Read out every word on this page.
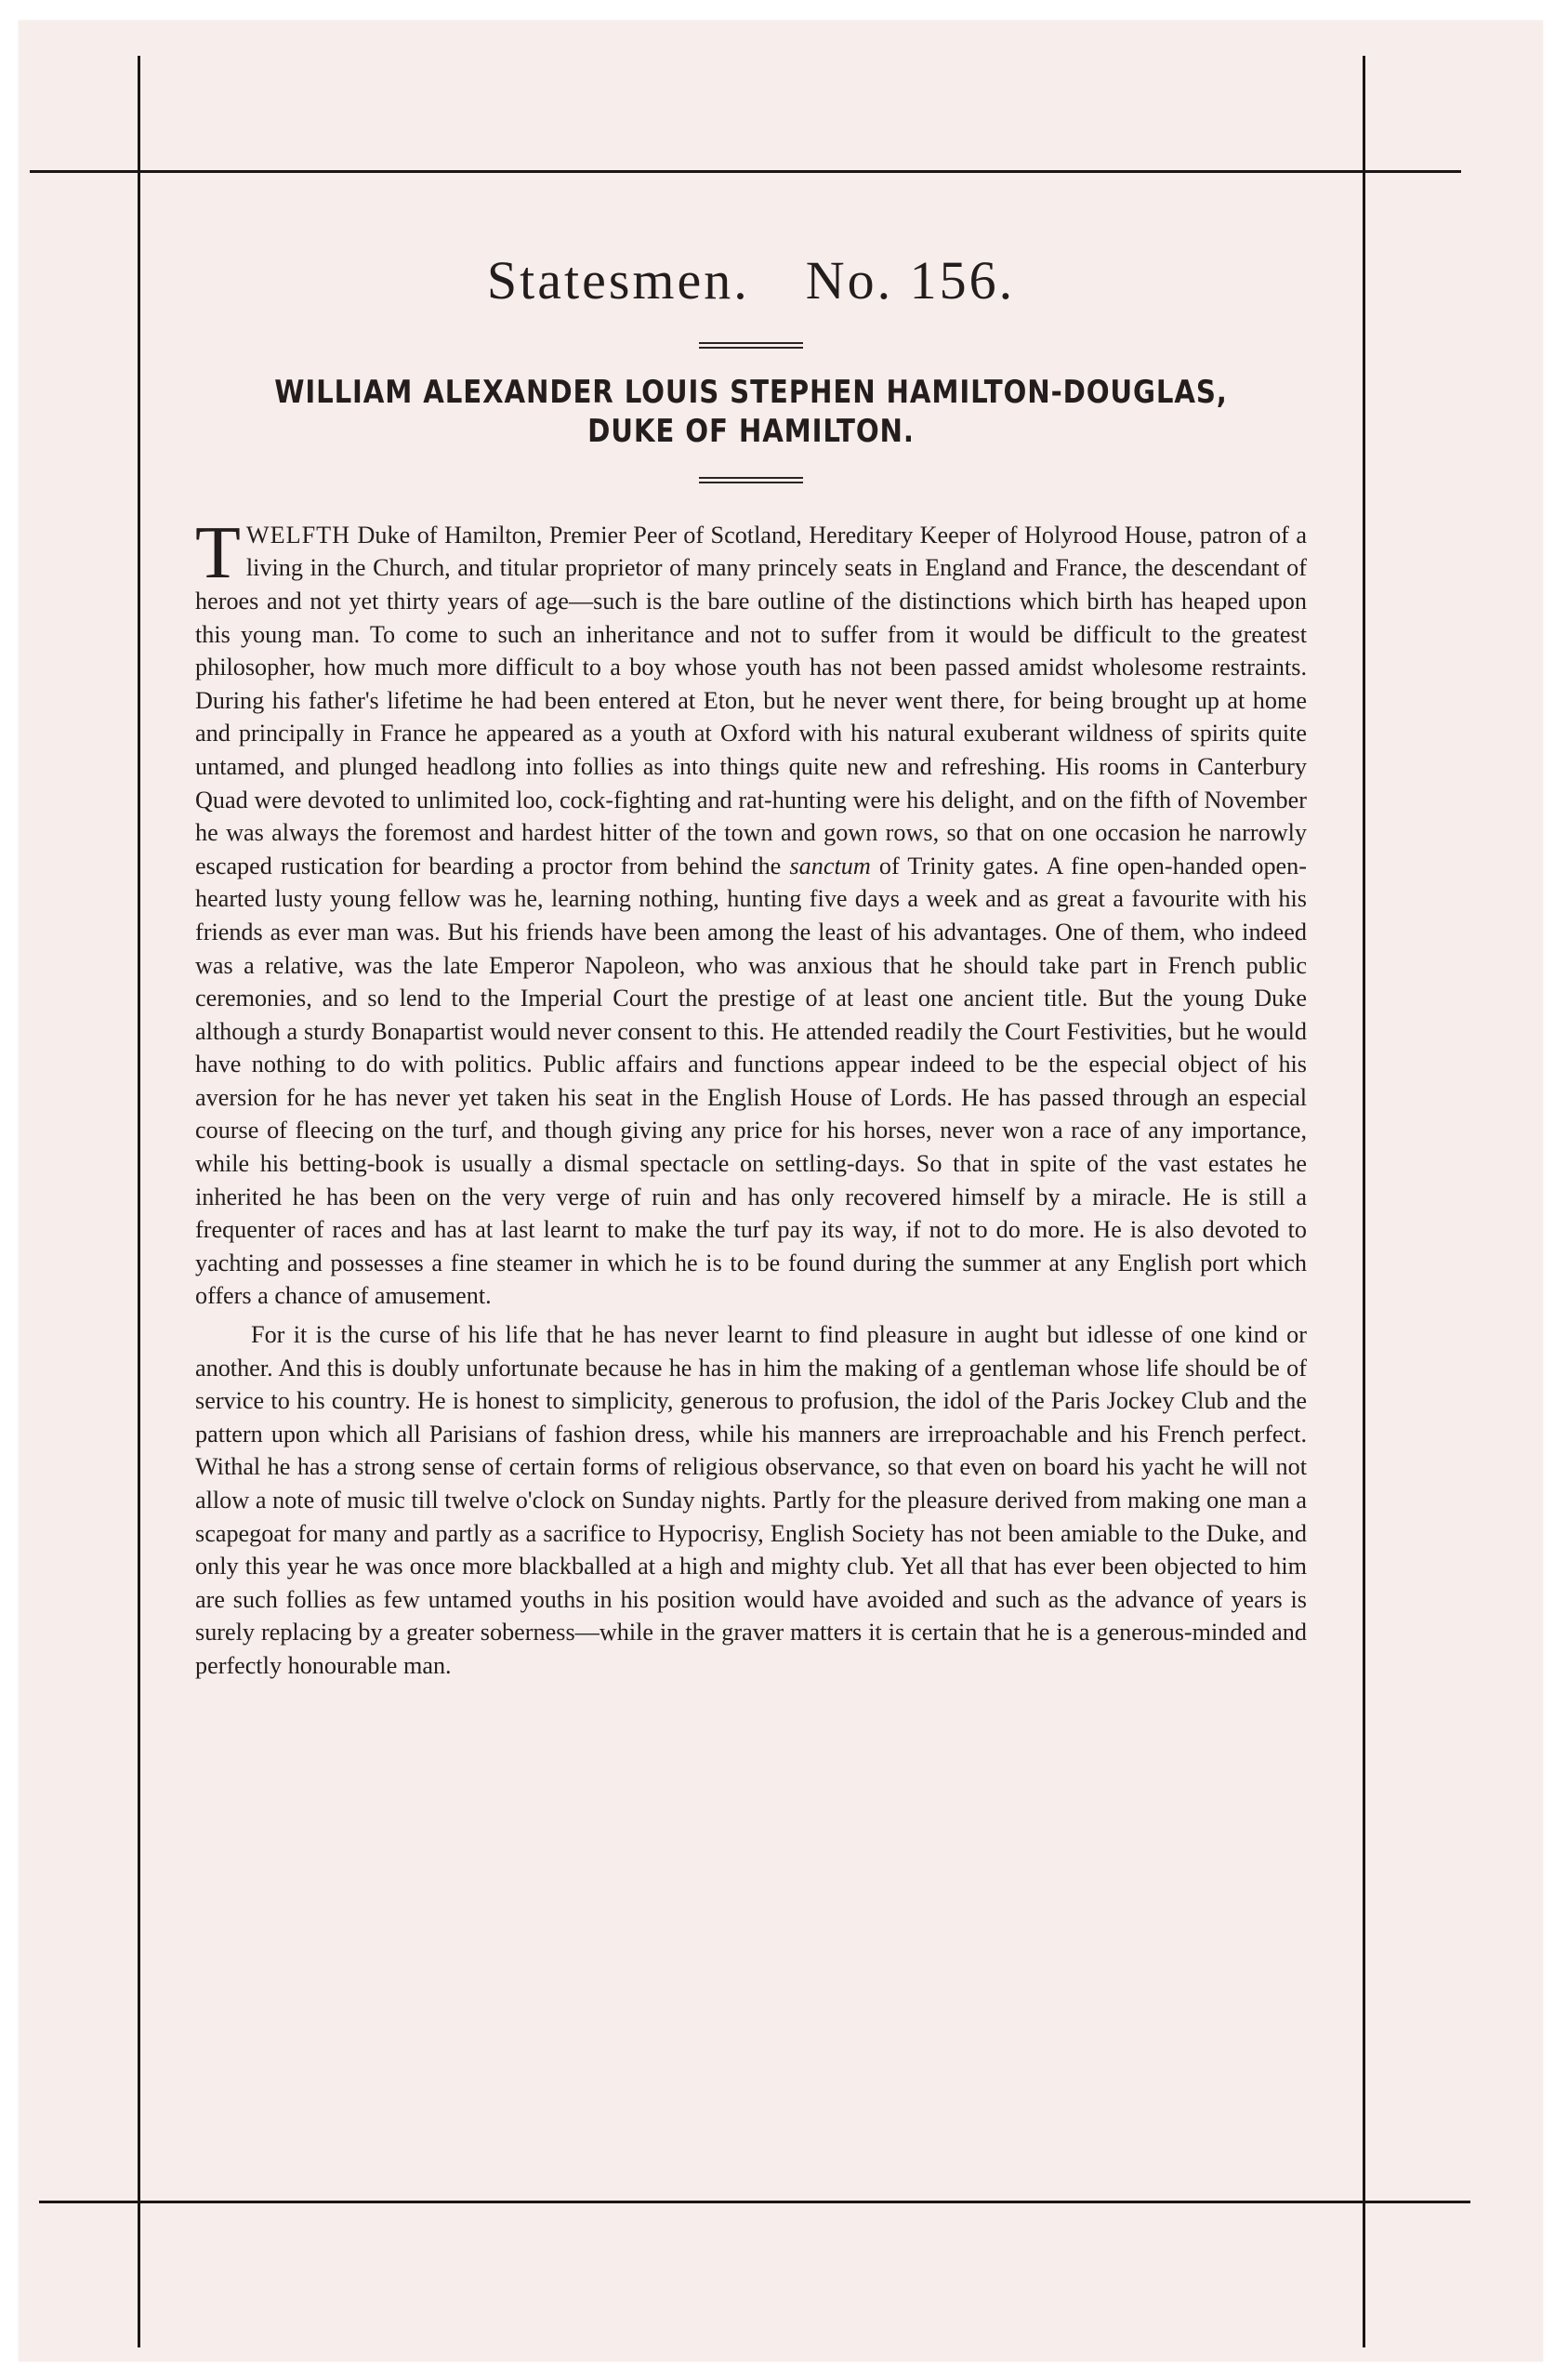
Statesmen. No. 156.
WILLIAM ALEXANDER LOUIS STEPHEN HAMILTON-DOUGLAS,
DUKE OF HAMILTON.

TWELFTH Duke of Hamilton, Premier Peer of Scotland, Hereditary Keeper of Holyrood House, patron of a living in the Church, and titular proprietor of many princely seats in England and France, the descendant of heroes and not yet thirty years of age—such is the bare outline of the distinctions which birth has heaped upon this young man. To come to such an inheritance and not to suffer from it would be difficult to the greatest philosopher, how much more difficult to a boy whose youth has not been passed amidst wholesome restraints. During his father's lifetime he had been entered at Eton, but he never went there, for being brought up at home and principally in France he appeared as a youth at Oxford with his natural exuberant wildness of spirits quite untamed, and plunged headlong into follies as into things quite new and refreshing. His rooms in Canterbury Quad were devoted to unlimited loo, cock-fighting and rat-hunting were his delight, and on the fifth of November he was always the foremost and hardest hitter of the town and gown rows, so that on one occasion he narrowly escaped rustication for bearding a proctor from behind the sanctum of Trinity gates. A fine open-handed open-hearted lusty young fellow was he, learning nothing, hunting five days a week and as great a favourite with his friends as ever man was. But his friends have been among the least of his advantages. One of them, who indeed was a relative, was the late Emperor Napoleon, who was anxious that he should take part in French public ceremonies, and so lend to the Imperial Court the prestige of at least one ancient title. But the young Duke although a sturdy Bonapartist would never consent to this. He attended readily the Court Festivities, but he would have nothing to do with politics. Public affairs and functions appear indeed to be the especial object of his aversion for he has never yet taken his seat in the English House of Lords. He has passed through an especial course of fleecing on the turf, and though giving any price for his horses, never won a race of any importance, while his betting-book is usually a dismal spectacle on settling-days. So that in spite of the vast estates he inherited he has been on the very verge of ruin and has only recovered himself by a miracle. He is still a frequenter of races and has at last learnt to make the turf pay its way, if not to do more. He is also devoted to yachting and possesses a fine steamer in which he is to be found during the summer at any English port which offers a chance of amusement.

For it is the curse of his life that he has never learnt to find pleasure in aught but idlesse of one kind or another. And this is doubly unfortunate because he has in him the making of a gentleman whose life should be of service to his country. He is honest to simplicity, generous to profusion, the idol of the Paris Jockey Club and the pattern upon which all Parisians of fashion dress, while his manners are irreproachable and his French perfect. Withal he has a strong sense of certain forms of religious observance, so that even on board his yacht he will not allow a note of music till twelve o'clock on Sunday nights. Partly for the pleasure derived from making one man a scapegoat for many and partly as a sacrifice to Hypocrisy, English Society has not been amiable to the Duke, and only this year he was once more blackballed at a high and mighty club. Yet all that has ever been objected to him are such follies as few untamed youths in his position would have avoided and such as the advance of years is surely replacing by a greater soberness—while in the graver matters it is certain that he is a generous-minded and perfectly honourable man.
